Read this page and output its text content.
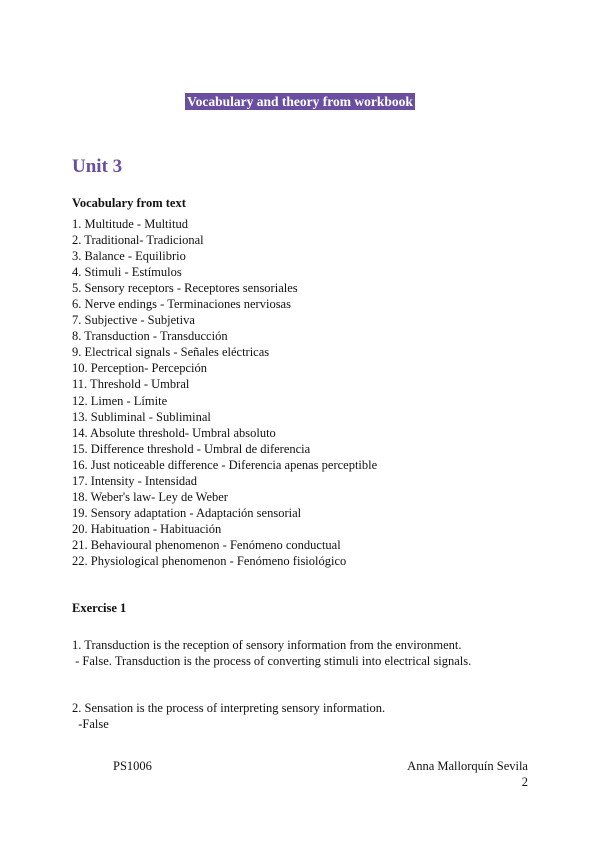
Vocabulary and theory from workbook
Unit 3
Vocabulary from text
1. Multitude - Multitud
2. Traditional- Tradicional
3. Balance - Equilibrio
4. Stimuli - Estímulos
5. Sensory receptors - Receptores sensoriales
6. Nerve endings - Terminaciones nerviosas
7. Subjective - Subjetiva
8. Transduction - Transducción
9. Electrical signals - Señales eléctricas
10. Perception- Percepción
11. Threshold - Umbral
12. Limen - Límite
13. Subliminal - Subliminal
14. Absolute threshold- Umbral absoluto
15. Difference threshold - Umbral de diferencia
16. Just noticeable difference - Diferencia apenas perceptible
17. Intensity - Intensidad
18. Weber's law- Ley de Weber
19. Sensory adaptation - Adaptación sensorial
20. Habituation - Habituación
21. Behavioural phenomenon - Fenómeno conductual
22. Physiological phenomenon - Fenómeno fisiológico
Exercise 1
1. Transduction is the reception of sensory information from the environment.
- False. Transduction is the process of converting stimuli into electrical signals.
2. Sensation is the process of interpreting sensory information.
-False
PS1006	Anna Mallorquín Sevila
2
